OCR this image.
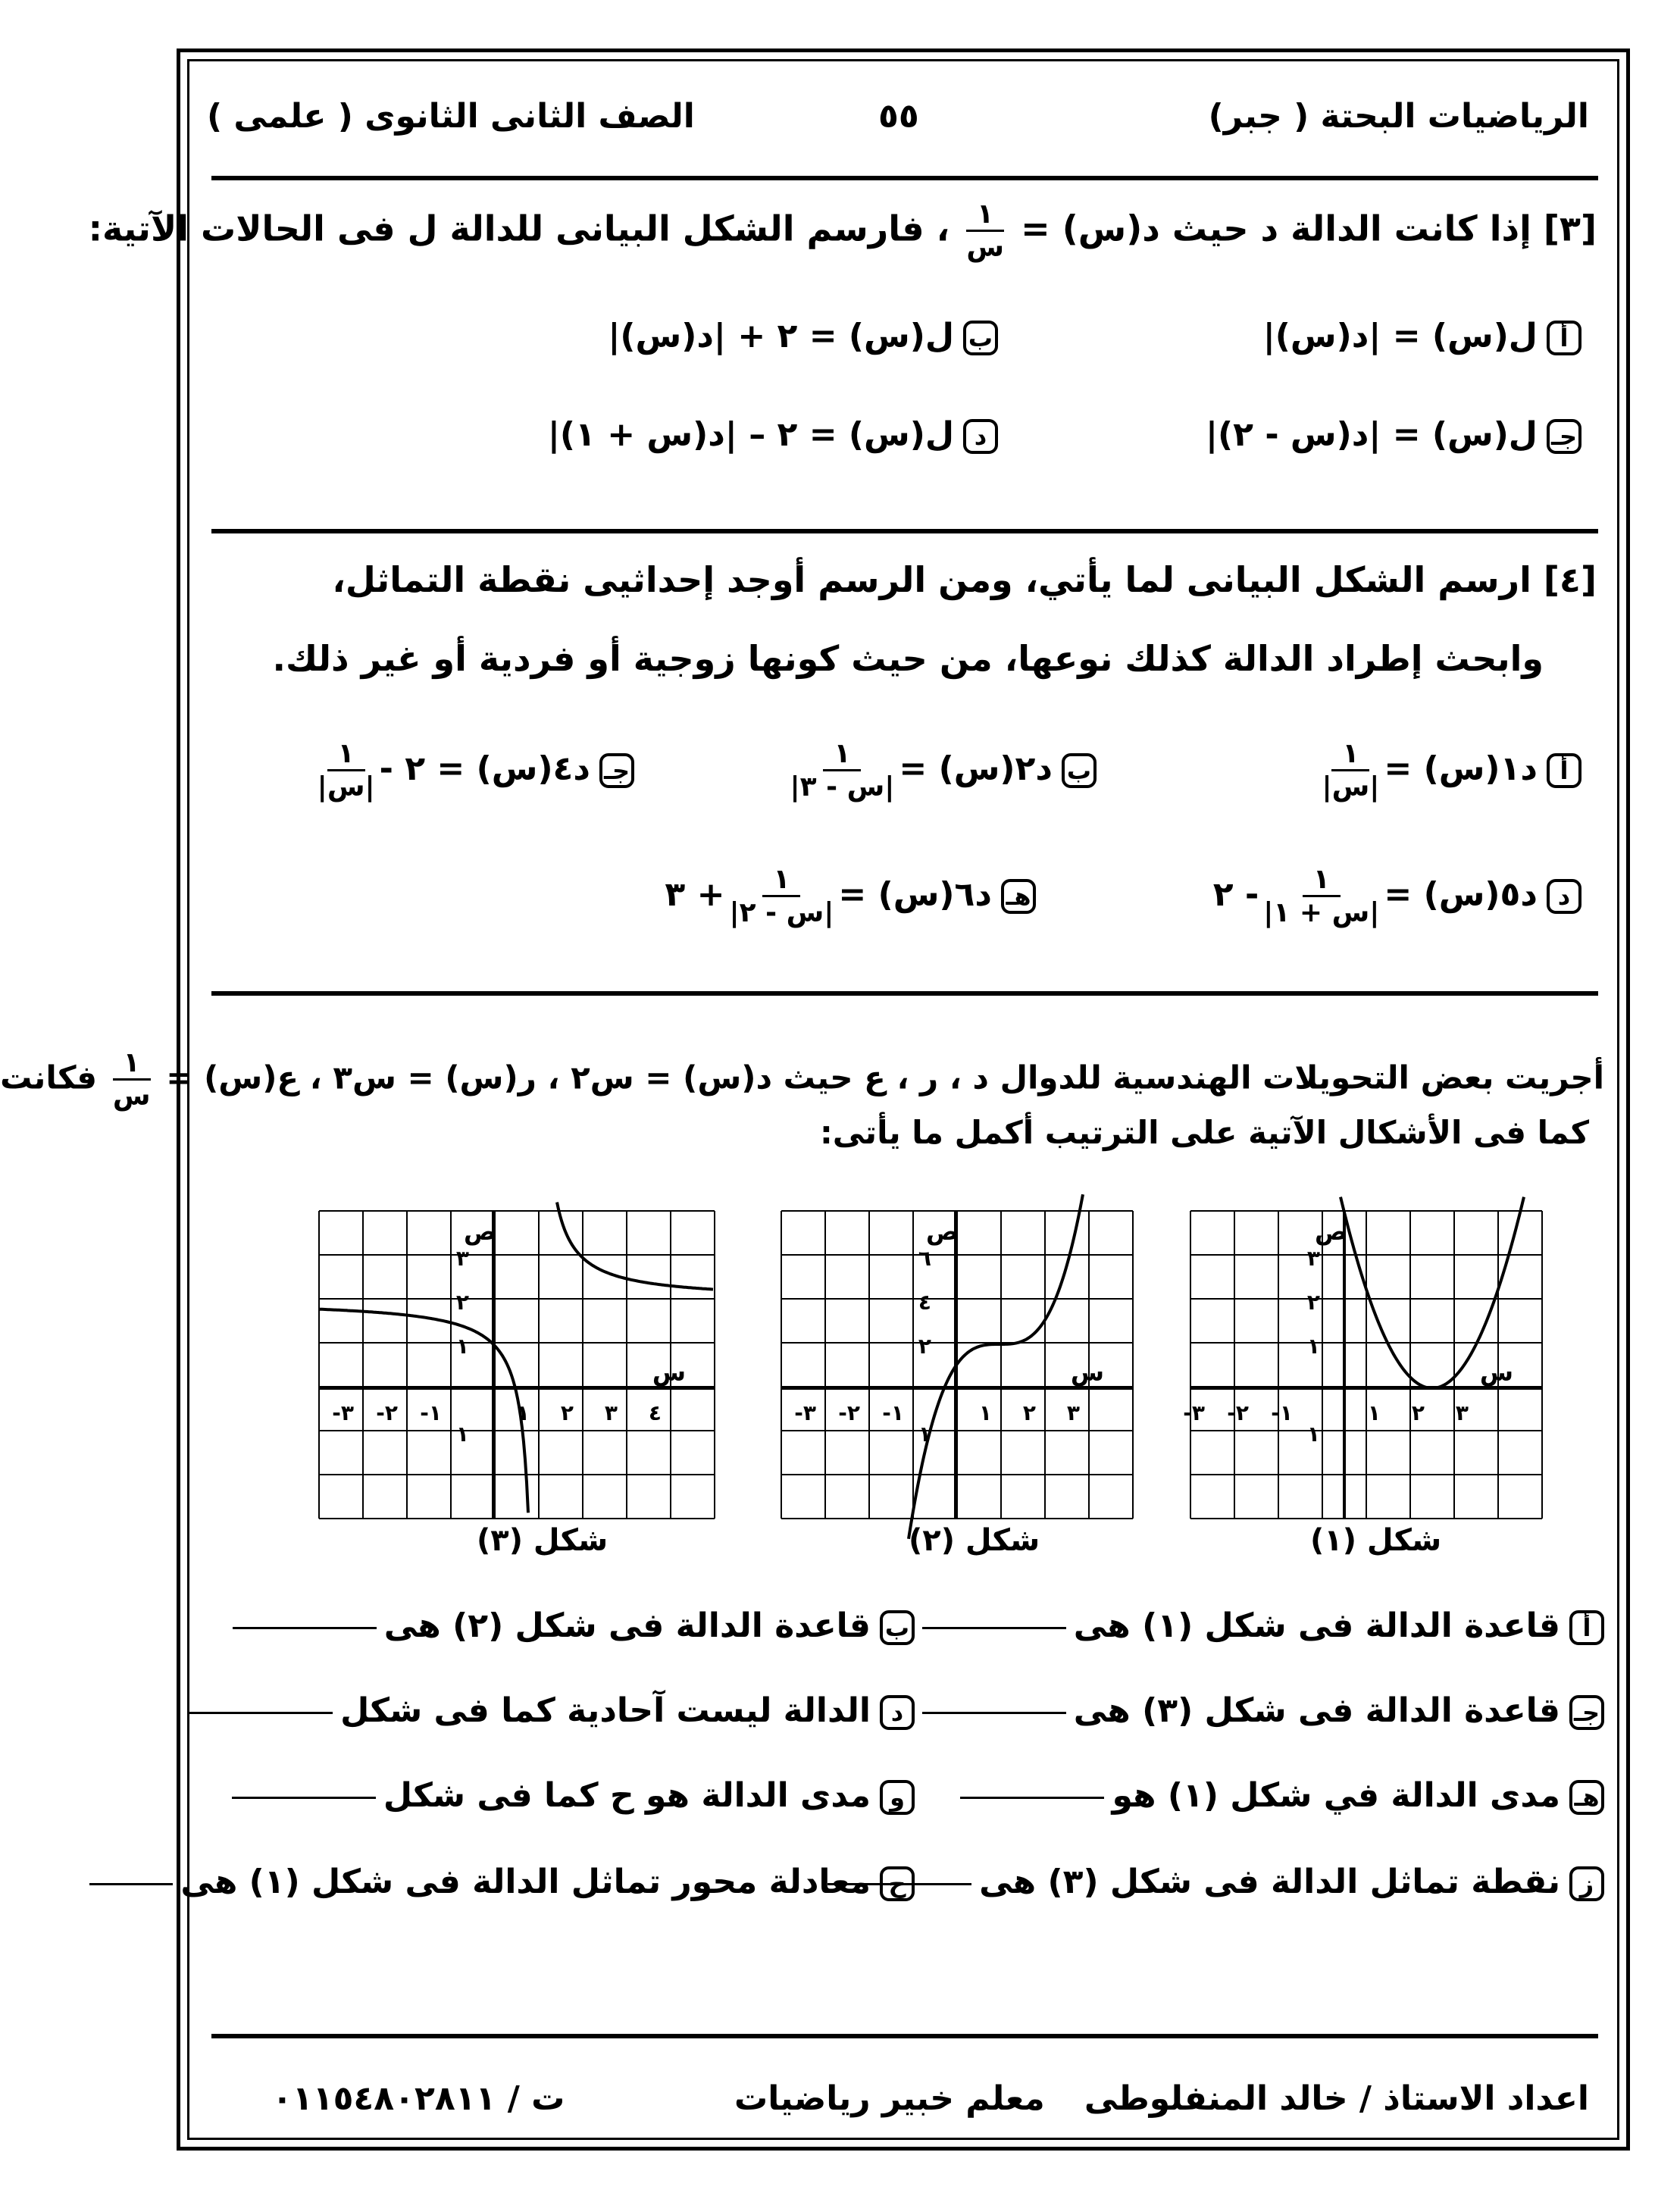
الرياضيات البحتة ( جبر)
٥٥
الصف الثانى الثانوى ( علمى )
[٣] إذا كانت الدالة د حيث د(س) =
$\frac{١}{\text{س}}$
، فارسم الشكل البيانى للدالة ل فى الحالات الآتية:
أل(س) = |د(س)|
بل(س) = ٢ + |د(س)|
جـل(س) = |د(س - ٢)|
دل(س) = ٢ – |د(س + ١)|
[٤] ارسم الشكل البيانى لما يأتي، ومن الرسم أوجد إحداثيى نقطة التماثل،
وابحث إطراد الدالة كذلك نوعها، من حيث كونها زوجية أو فردية أو غير ذلك.
أد١(س) =
$\frac{١}{\text{|س|}}$
بد٢(س) =
$\frac{١}{\text{|س - ٣|}}$
جـد٤(س) = ٢ -
$\frac{١}{\text{|س|}}$
دد٥(س) =
$\frac{١}{\text{|س + ١|}}$
- ٢
هـد٦(س) =
$\frac{١}{\text{|س - ٢|}}$
+ ٣
أجريت بعض التحويلات الهندسية للدوال د ، ر ، ع حيث د(س) = س٢ ، ر(س) = س٣ ، ع(س) =
$\frac{١}{\text{س}}$
فكانت
كما فى الأشكال الآتية على الترتيب أكمل ما يأتى:
ص
س
٣- ٢- ١-	١ ٢ ٣
٣
٢
١
١
ص
س
٣- ٢- ١-	١ ٢ ٣
٦
٤
٢
١
ص
س
٣- ٢- ١-	١ ٢ ٣ ٤
٣
٢
١
١
شكل (١)
شكل (٢)
شكل (٣)
أقاعدة الدالة فى شكل (١) هى
بقاعدة الدالة فى شكل (٢) هى
جـقاعدة الدالة فى شكل (٣) هى
دالدالة ليست آحادية كما فى شكل
هـمدى الدالة في شكل (١) هو
ومدى الدالة هو ح كما فى شكل
زنقطة تماثل الدالة فى شكل (٣) هى
حمعادلة محور تماثل الدالة فى شكل (١) هى
اعداد الاستاذ / خالد المنفلوطى
معلم خبير رياضيات
ت / ٠١١٥٤٨٠٢٨١١
